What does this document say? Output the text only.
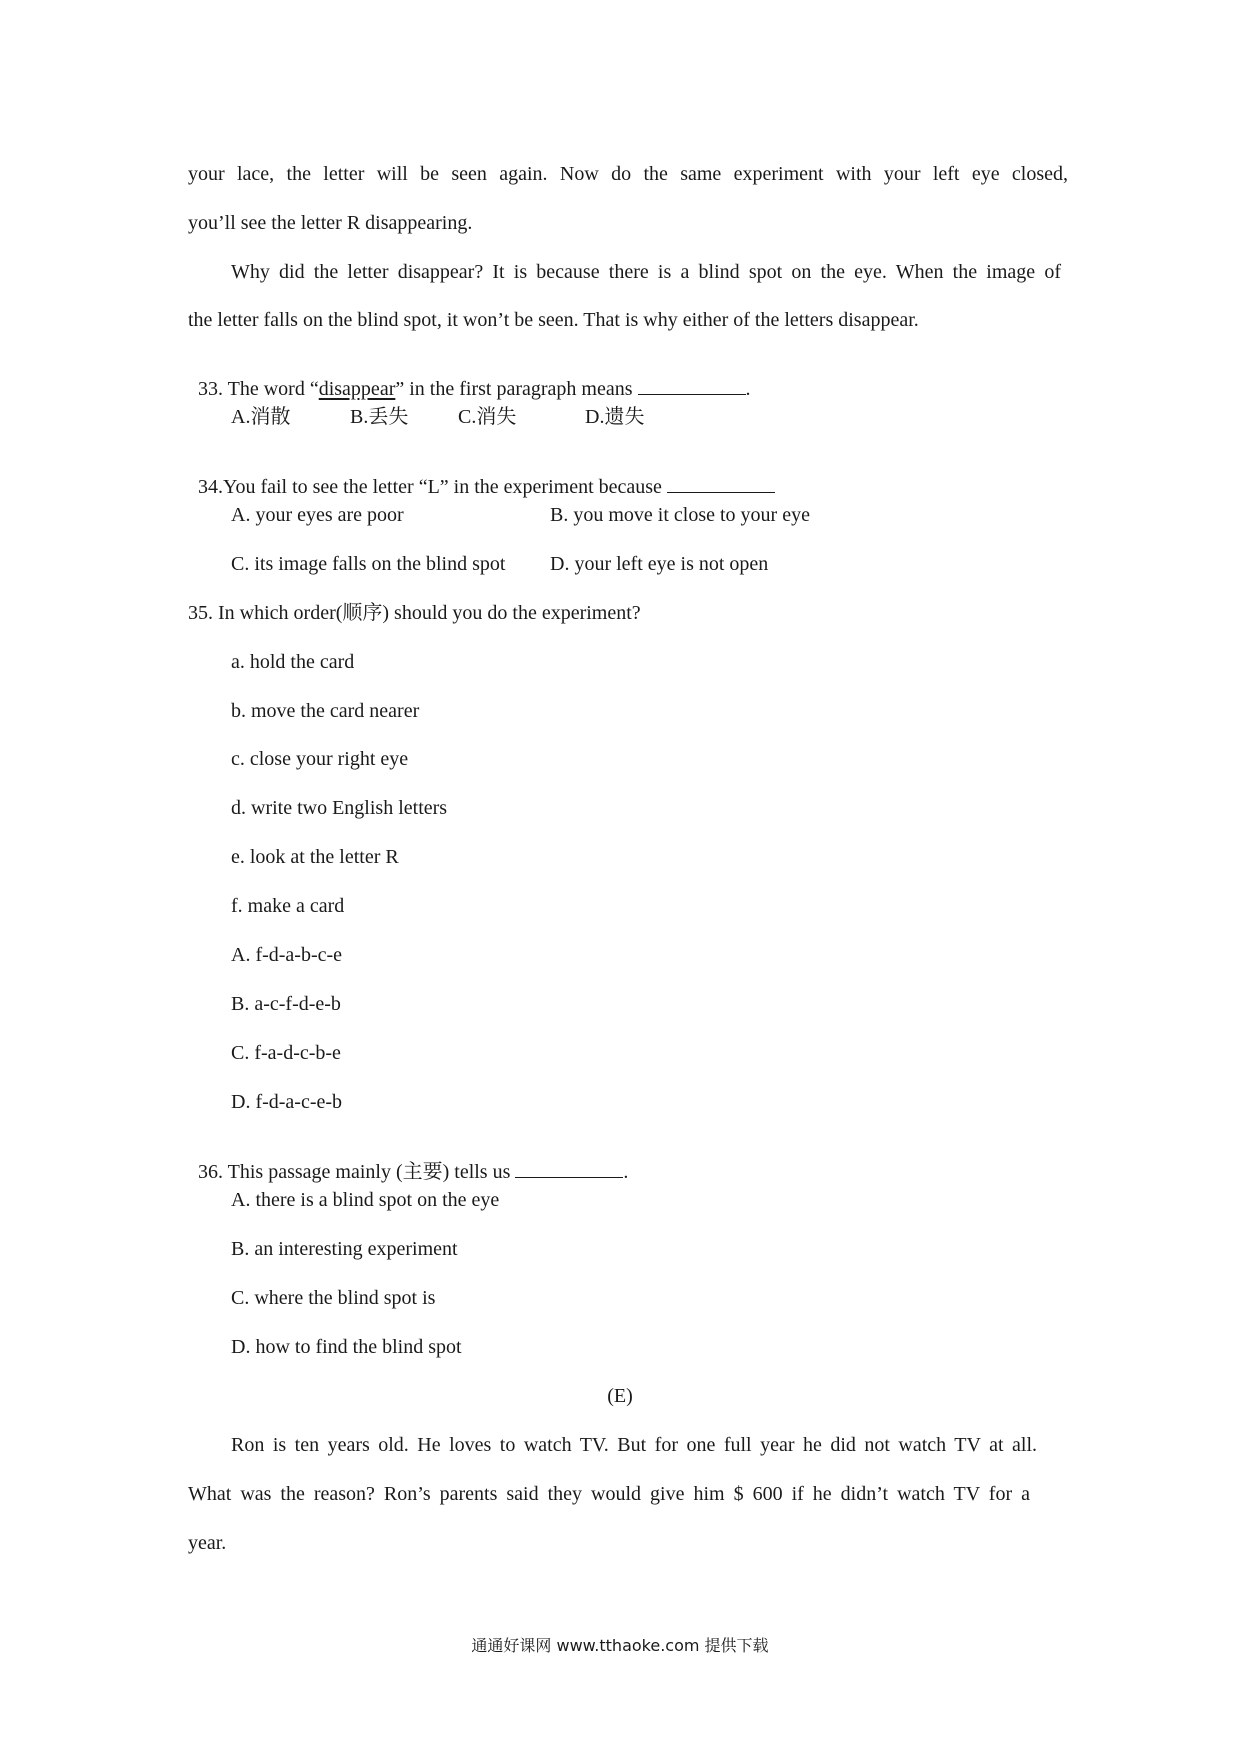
your lace, the letter will be seen again. Now do the same experiment with your left eye closed,
you’ll see the letter R disappearing.
Why did the letter disappear? It is because there is a blind spot on the eye. When the image of
the letter falls on the blind spot, it won’t be seen. That is why either of the letters disappear.

33. The word “disappear” in the first paragraph means	.

A.消散	B.丢失 C.消失	D.遗失

34.You fail to see the letter “L” in the experiment because

A. your eyes are poor	B. you move it close to your eye
C. its image falls on the blind spot D. your left eye is not open
35. In which order(顺序) should you do the experiment?
a. hold the card
b. move the card nearer
c. close your right eye
d. write two English letters
e. look at the letter R
f. make a card
A. f-d-a-b-c-e
B. a-c-f-d-e-b
C. f-a-d-c-b-e
D. f-d-a-c-e-b

36. This passage mainly (主要) tells us	.

A. there is a blind spot on the eye
B. an interesting experiment
C. where the blind spot is
D. how to find the blind spot
(E)
Ron is ten years old. He loves to watch TV. But for one full year he did not watch TV at all.
What was the reason? Ron’s parents said they would give him $ 600 if he didn’t watch TV for a
year.
通通好课网 www.tthaoke.com 提供下载
